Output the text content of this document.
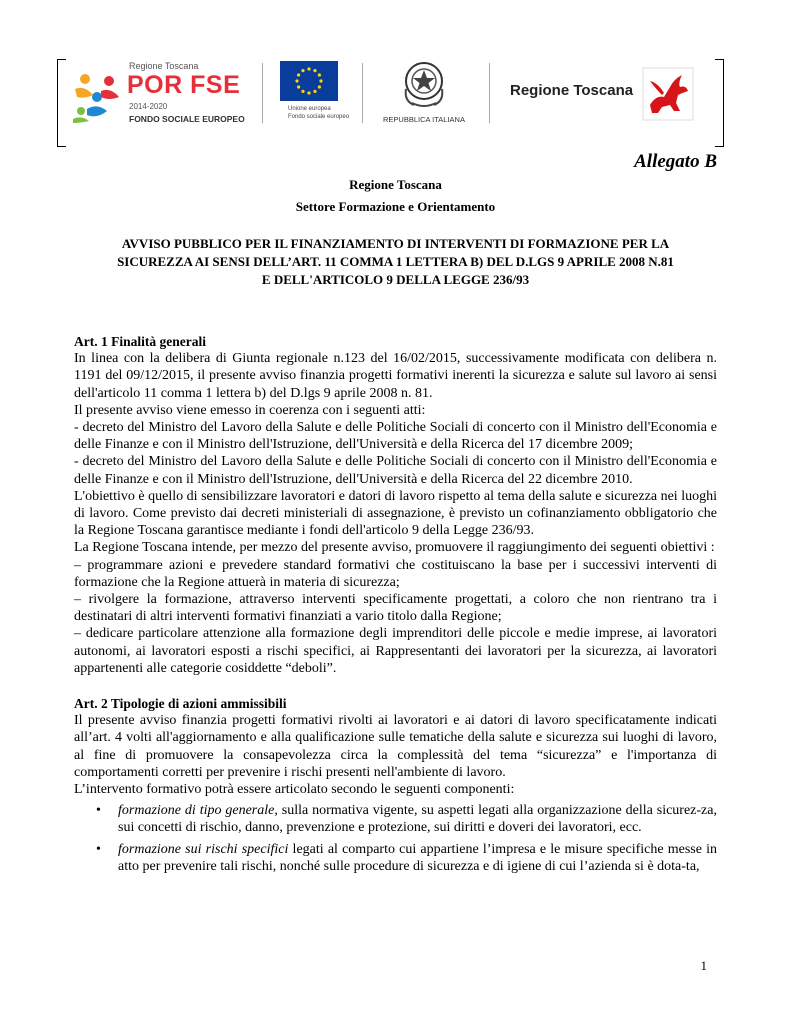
Regione Toscana
POR FSE
2014-2020
FONDO SOCIALE EUROPEO
Unione europea
Fondo sociale europeo	REPUBBLICA ITALIANA
Regione Toscana
Allegato B
Regione Toscana
Settore Formazione e Orientamento
AVVISO PUBBLICO PER IL FINANZIAMENTO DI INTERVENTI DI FORMAZIONE PER LA
SICUREZZA AI SENSI DELL’ART. 11 COMMA 1 LETTERA B) DEL D.LGS 9 APRILE 2008 N.81
E DELL'ARTICOLO 9 DELLA LEGGE 236/93
Art. 1 Finalità generali

In linea con la delibera di Giunta regionale n.123 del 16/02/2015, successivamente modificata con delibera n. 1191 del 09/12/2015, il presente avviso finanzia progetti formativi inerenti la sicurezza e salute sul lavoro ai sensi dell'articolo 11 comma 1 lettera b) del D.lgs 9 aprile 2008 n. 81.

Il presente avviso viene emesso in coerenza con i seguenti atti:

- decreto del Ministro del Lavoro della Salute e delle Politiche Sociali di concerto con il Ministro dell'Economia e delle Finanze e con il Ministro dell'Istruzione, dell'Università e della Ricerca del 17 dicembre 2009;

- decreto del Ministro del Lavoro della Salute e delle Politiche Sociali di concerto con il Ministro dell'Economia e delle Finanze e con il Ministro dell'Istruzione, dell'Università e della Ricerca del 22 dicembre 2010.

L'obiettivo è quello di sensibilizzare lavoratori e datori di lavoro rispetto al tema della salute e sicurezza nei luoghi di lavoro. Come previsto dai decreti ministeriali di assegnazione, è previsto un cofinanziamento obbligatorio che la Regione Toscana garantisce mediante i fondi dell'articolo 9 della Legge 236/93.

La Regione Toscana intende, per mezzo del presente avviso, promuovere il raggiungimento dei seguenti obiettivi :

– programmare azioni e prevedere standard formativi che costituiscano la base per i successivi interventi di formazione che la Regione attuerà in materia di sicurezza;

– rivolgere la formazione, attraverso interventi specificamente progettati, a coloro che non rientrano tra i destinatari di altri interventi formativi finanziati a vario titolo dalla Regione;

– dedicare particolare attenzione alla formazione degli imprenditori delle piccole e medie imprese, ai lavoratori autonomi, ai lavoratori esposti a rischi specifici, ai Rappresentanti dei lavoratori per la sicurezza, ai lavoratori appartenenti alle categorie cosiddette “deboli”.

Art. 2 Tipologie di azioni ammissibili

Il presente avviso finanzia progetti formativi rivolti ai lavoratori e ai datori di lavoro specificatamente indicati all’art. 4 volti all'aggiornamento e alla qualificazione sulle tematiche della salute e sicurezza sui luoghi di lavoro, al fine di promuovere la consapevolezza circa la complessità del tema “sicurezza” e l'importanza di comportamenti corretti per prevenire i rischi presenti nell'ambiente di lavoro.

L’intervento formativo potrà essere articolato secondo le seguenti componenti:

• formazione di tipo generale, sulla normativa vigente, su aspetti legati alla organizzazione della sicurez-za, sui concetti di rischio, danno, prevenzione e protezione, sui diritti e doveri dei lavoratori, ecc.
• formazione sui rischi specifici legati al comparto cui appartiene l’impresa e le misure specifiche messe in atto per prevenire tali rischi, nonché sulle procedure di sicurezza e di igiene di cui l’azienda si è dota-ta,
1
